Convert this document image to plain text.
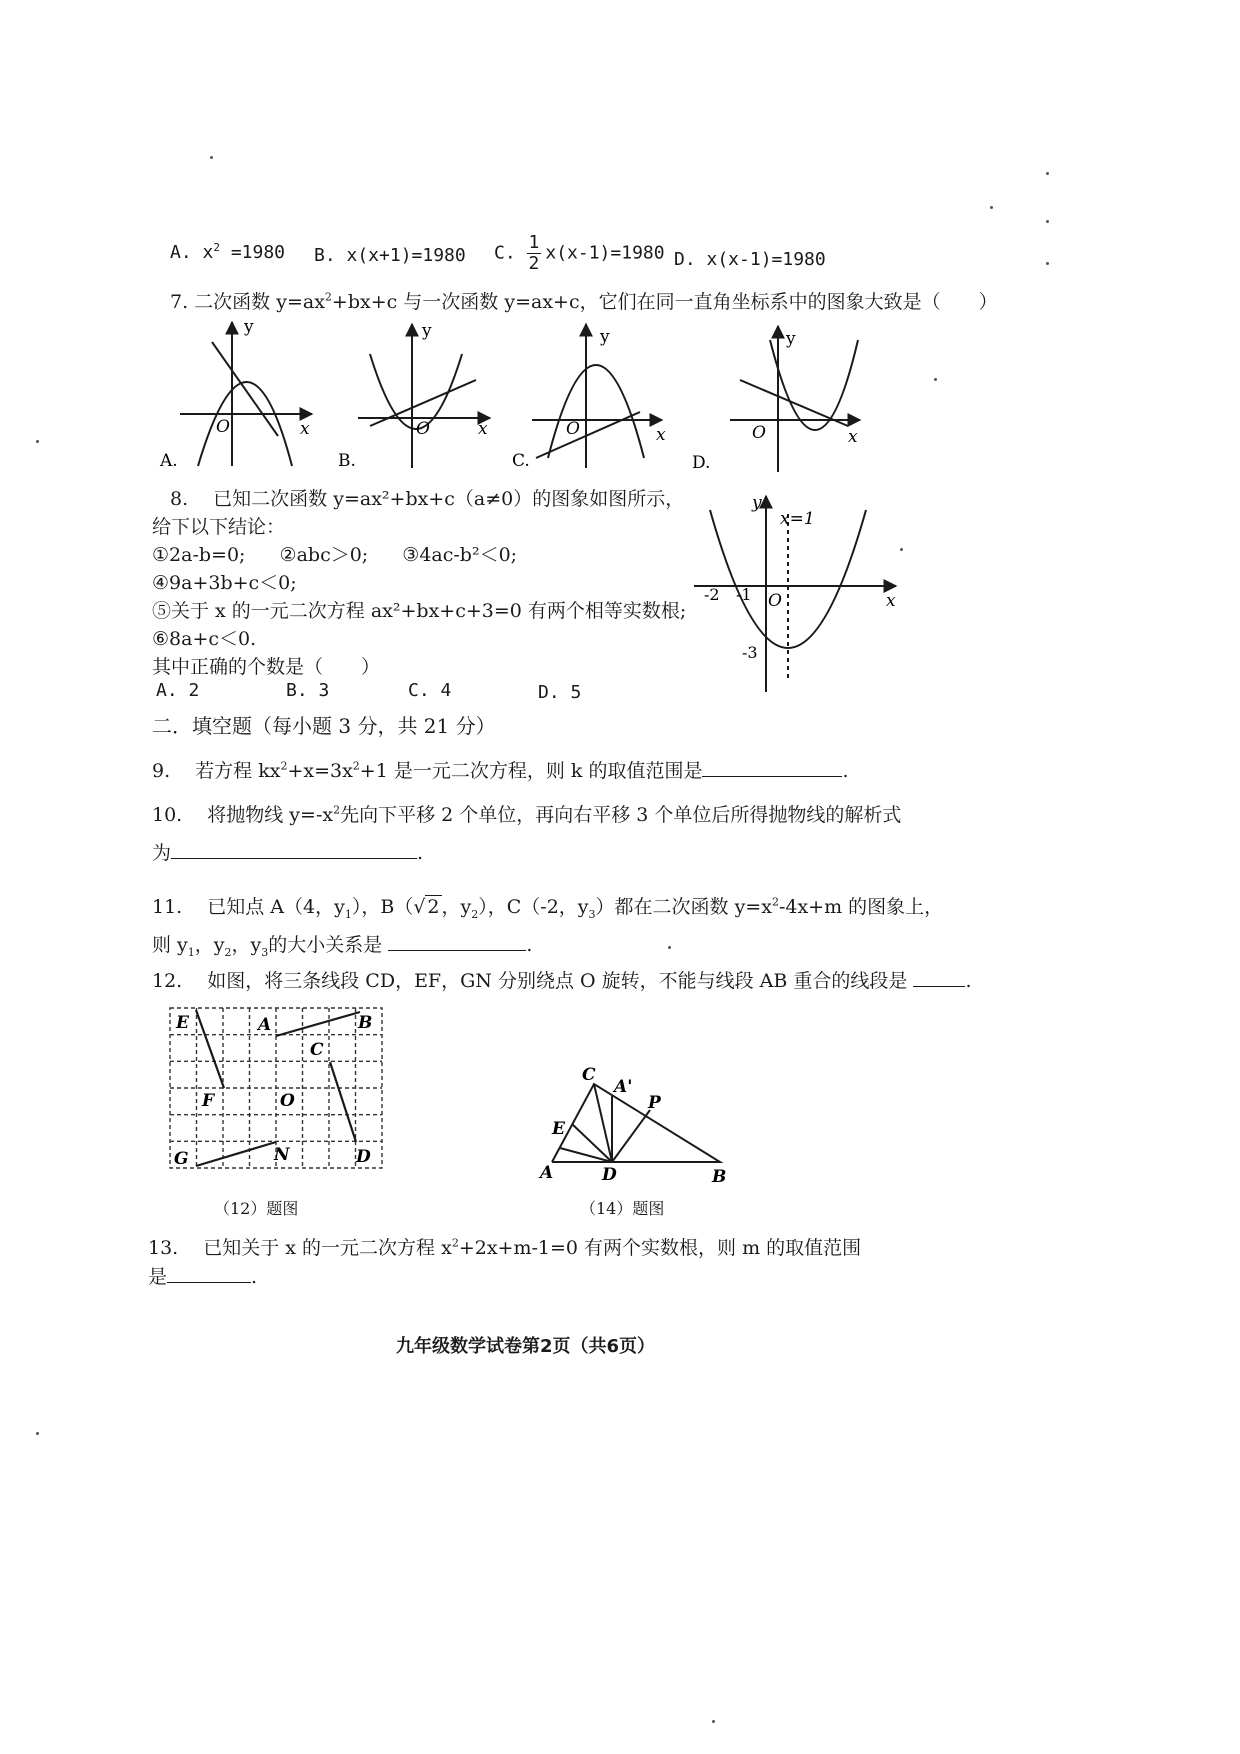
A. $x^2 =1980$ B. x(x+1)=1980 C. $\frac{1}{2} x(x-1)=1980$ D. x(x-1)=1980
7. 二次函数 $y=ax^2+bx+c$ 与一次函数 y=ax+c，它们在同一直角坐标系中的图象大致是（　　）
y
x
O
A.
y
x
O
B.
y
x
O
C.
y
x
O
D.
8.　 已知二次函数 y=ax²+bx+c（a≠0）的图象如图所示，
给下以下结论：
①2a-b=0; ②abc＞0; ③4ac-b²＜0;
④9a+3b+c＜0;
⑤关于 x 的一元二次方程 ax²+bx+c+3=0 有两个相等实数根;
⑥8a+c＜0.
其中正确的个数是（　　）
A. 2	B. 3	C. 4	D. 5
y
x=1
x
O
-2 -1
-3
二．填空题（每小题 3 分，共 21 分）
9.　 若方程 $kx^2+x=3x^2+1$ 是一元二次方程，则 k 的取值范围是	.
10.　 将抛物线 $y=-x^2$先向下平移 2 个单位，再向右平移 3 个单位后所得抛物线的解析式
为	.
11.　 已知点 A（4，$y_1$），B（√ 2 ，$y_2$），C（-2，$y_3$）都在二次函数 $y=x^2-4x+m$ 的图象上，
则 $y_1$，$y_2$，$y_3$的大小关系是	.
12.　 如图，将三条线段 CD，EF，GN 分别绕点 O 旋转，不能与线段 AB 重合的线段是	.
E	A	B
C
F	O
G	N	D
（12）题图
C
A'
P
E
A	D	B
（14）题图
13.　 已知关于 x 的一元二次方程 $x^2+2x+m-1=0$ 有两个实数根，则 m 的取值范围
是	.
九年级数学试卷第2页（共6页）
